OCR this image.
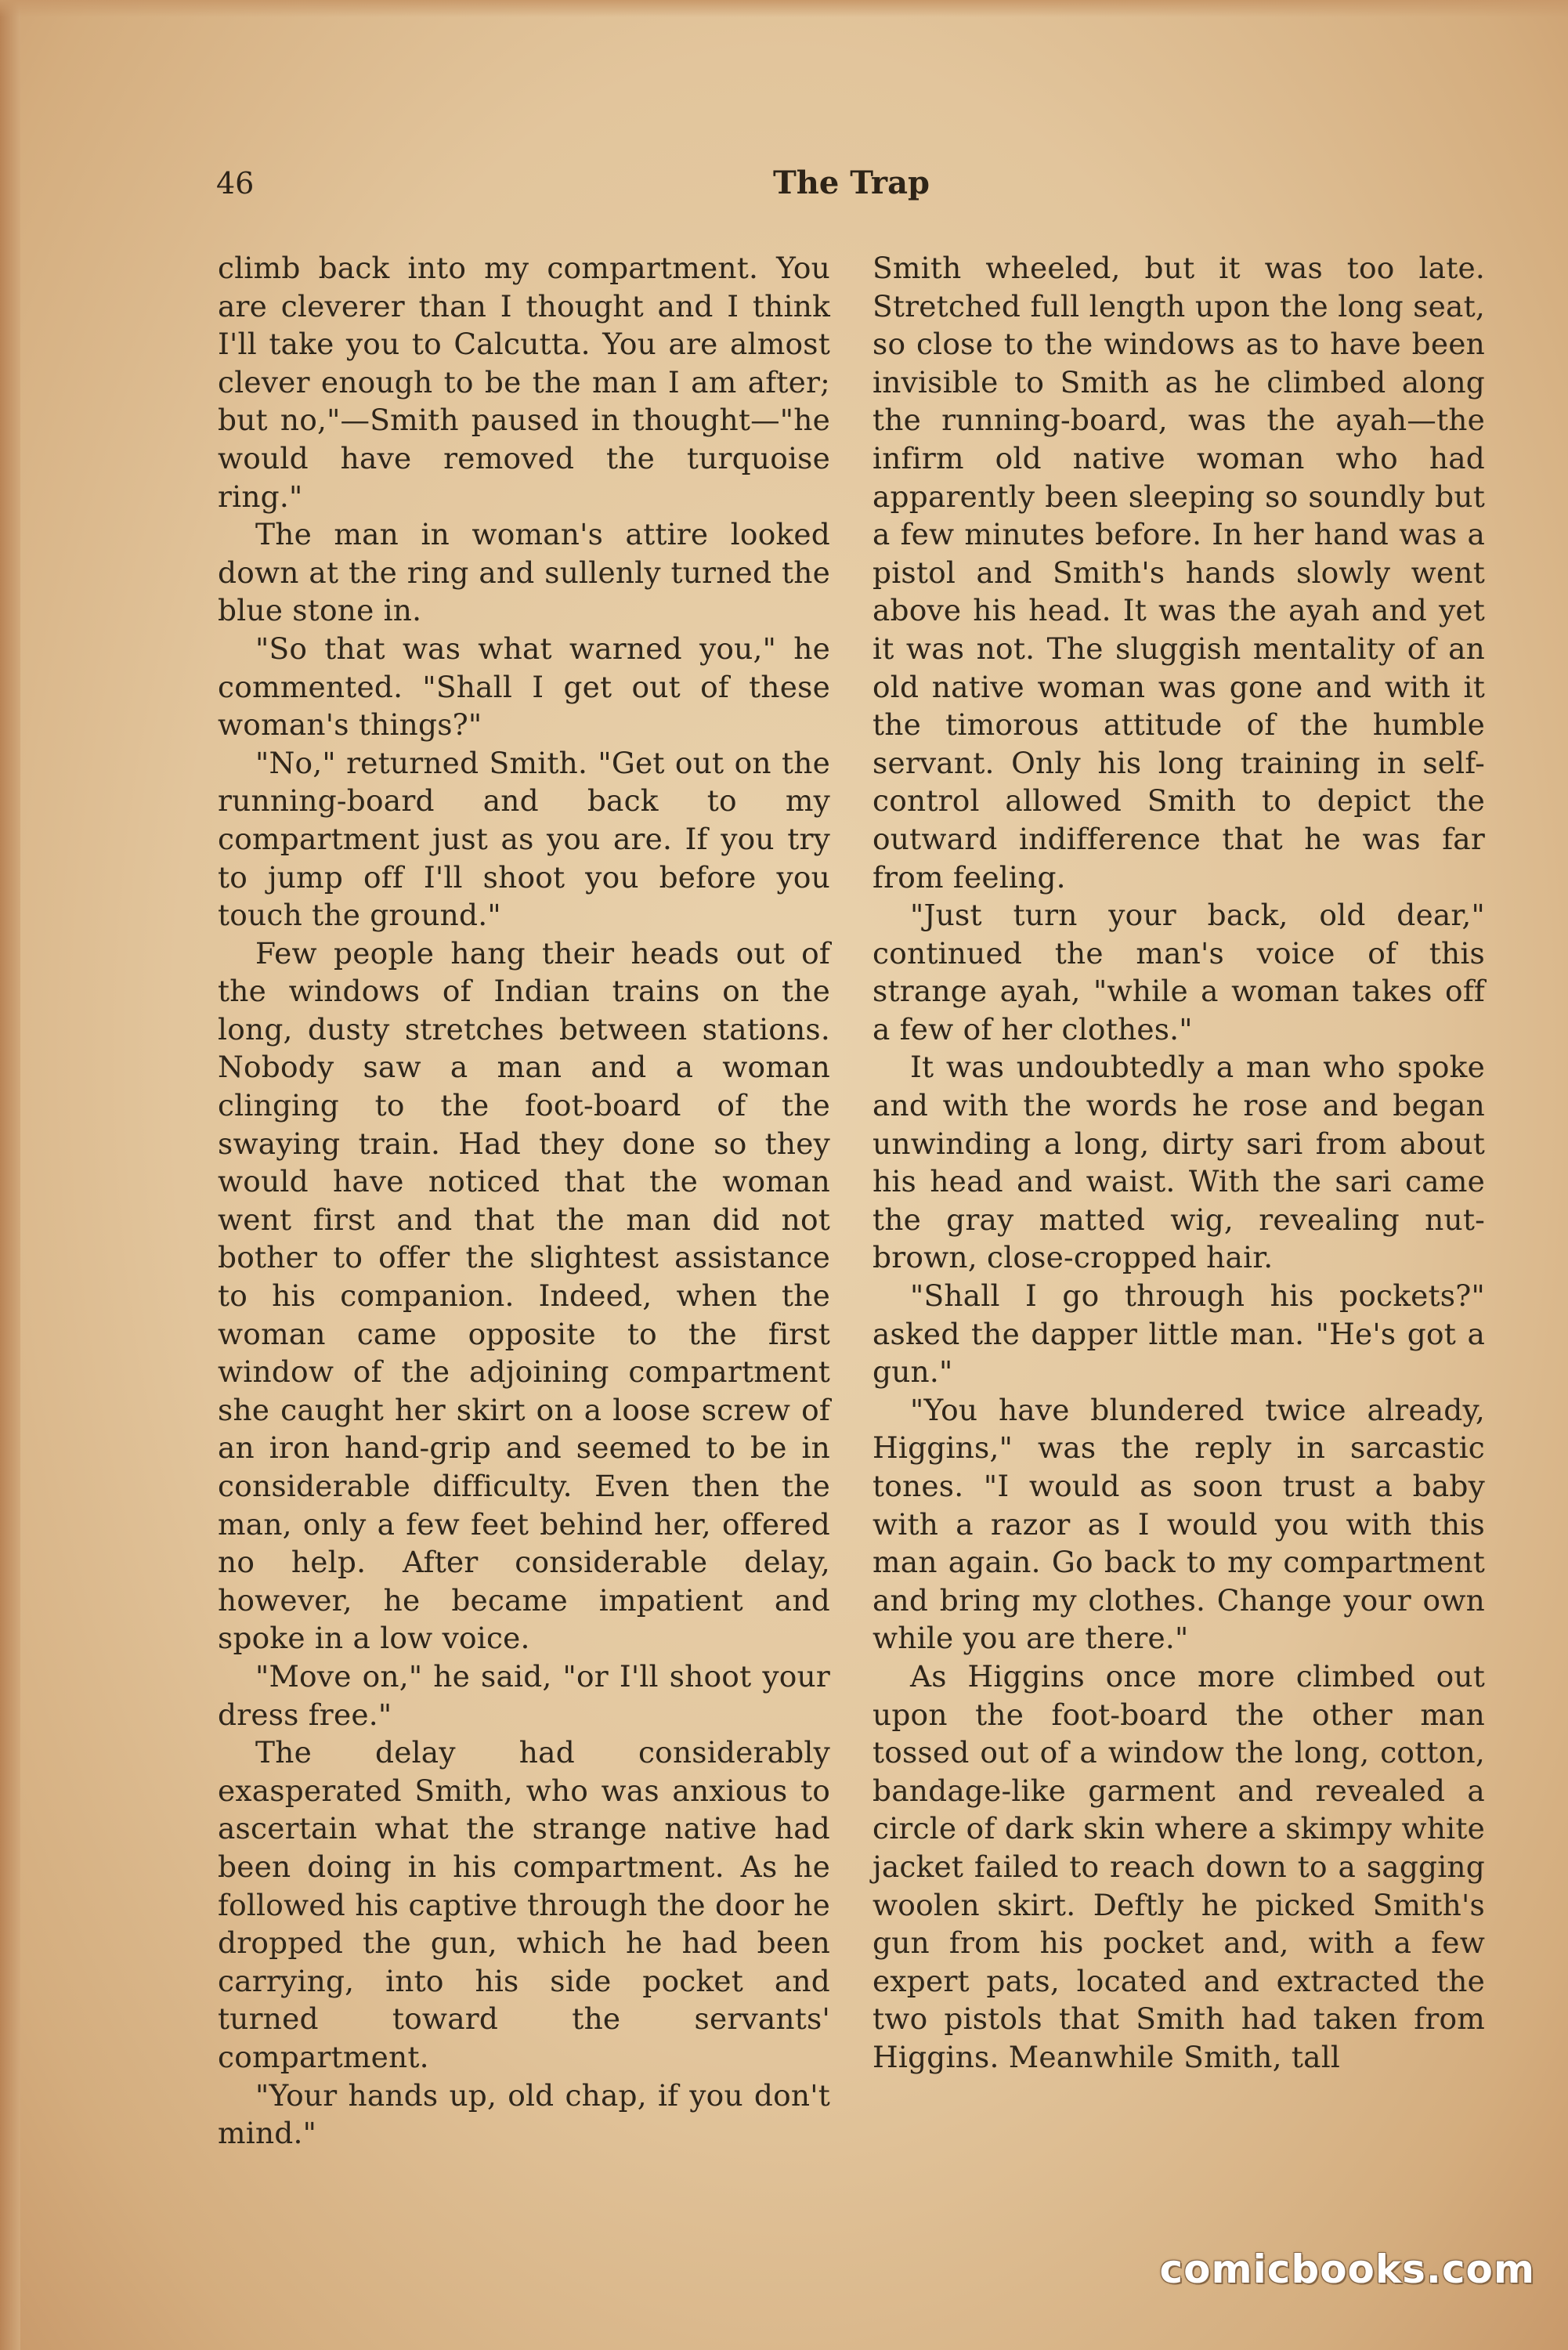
46	The Trap

climb back into my compartment. You are cleverer than I thought and I think I'll take you to Calcutta. You are almost clever enough to be the man I am after; but no,"—Smith paused in thought—"he would have removed the turquoise ring."

The man in woman's attire looked down at the ring and sullenly turned the blue stone in.

"So that was what warned you," he commented. "Shall I get out of these woman's things?"

"No," returned Smith. "Get out on the running-board and back to my compartment just as you are. If you try to jump off I'll shoot you before you touch the ground."

Few people hang their heads out of the windows of Indian trains on the long, dusty stretches between stations. Nobody saw a man and a woman clinging to the foot-board of the swaying train. Had they done so they would have noticed that the woman went first and that the man did not bother to offer the slightest assistance to his companion. Indeed, when the woman came opposite to the first window of the adjoining compartment she caught her skirt on a loose screw of an iron hand-grip and seemed to be in considerable difficulty. Even then the man, only a few feet behind her, offered no help. After considerable delay, however, he became impatient and spoke in a low voice.

"Move on," he said, "or I'll shoot your dress free."

The delay had considerably exasperated Smith, who was anxious to ascertain what the strange native had been doing in his compartment. As he followed his captive through the door he dropped the gun, which he had been carrying, into his side pocket and turned toward the servants' compartment.

"Your hands up, old chap, if you don't mind."

Smith wheeled, but it was too late. Stretched full length upon the long seat, so close to the windows as to have been invisible to Smith as he climbed along the running-board, was the ayah—the infirm old native woman who had apparently been sleeping so soundly but a few minutes before. In her hand was a pistol and Smith's hands slowly went above his head. It was the ayah and yet it was not. The sluggish mentality of an old native woman was gone and with it the timorous attitude of the humble servant. Only his long training in self-control allowed Smith to depict the outward indifference that he was far from feeling.

"Just turn your back, old dear," continued the man's voice of this strange ayah, "while a woman takes off a few of her clothes."

It was undoubtedly a man who spoke and with the words he rose and began unwinding a long, dirty sari from about his head and waist. With the sari came the gray matted wig, revealing nut-brown, close-cropped hair.

"Shall I go through his pockets?" asked the dapper little man. "He's got a gun."

"You have blundered twice already, Higgins," was the reply in sarcastic tones. "I would as soon trust a baby with a razor as I would you with this man again. Go back to my compartment and bring my clothes. Change your own while you are there."

As Higgins once more climbed out upon the foot-board the other man tossed out of a window the long, cotton, bandage-like garment and revealed a circle of dark skin where a skimpy white jacket failed to reach down to a sagging woolen skirt. Deftly he picked Smith's gun from his pocket and, with a few expert pats, located and extracted the two pistols that Smith had taken from Higgins. Meanwhile Smith, tall

comicbooks.com
